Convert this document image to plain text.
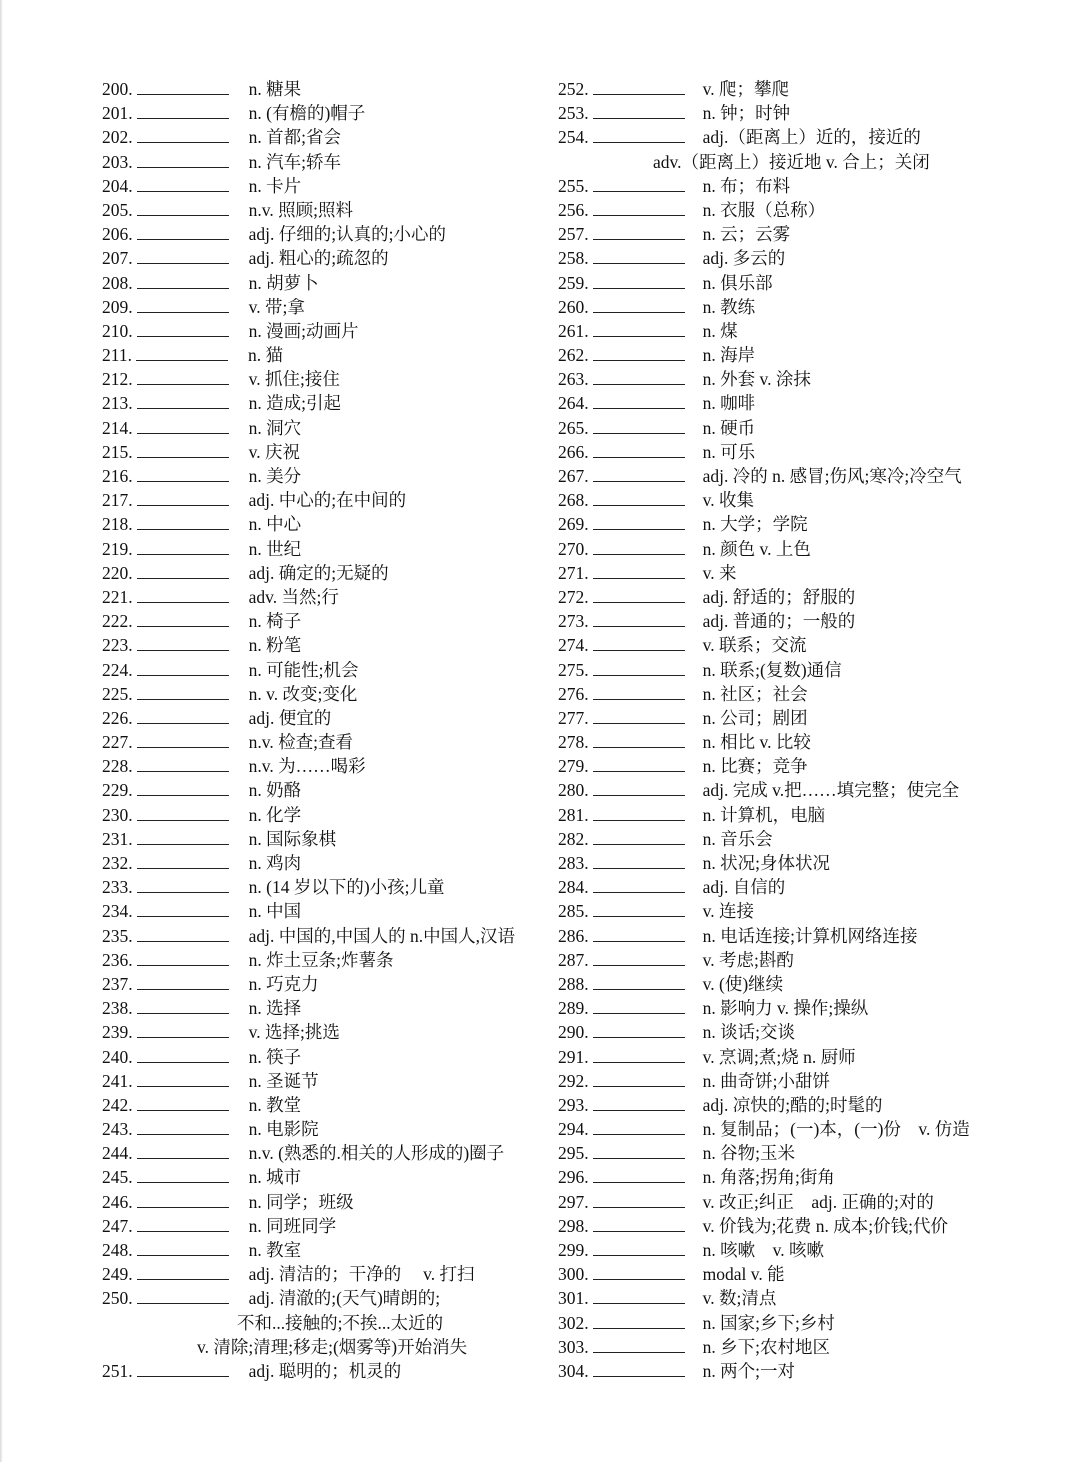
200.	n. 糖果
201.	n. (有檐的)帽子
202.	n. 首都;省会
203.	n. 汽车;轿车
204.	n. 卡片
205.	n.v. 照顾;照料
206.	adj. 仔细的;认真的;小心的
207.	adj. 粗心的;疏忽的
208.	n. 胡萝卜
209.	v. 带;拿
210.	n. 漫画;动画片
211.	n. 猫
212.	v. 抓住;接住
213.	n. 造成;引起
214.	n. 洞穴
215.	v. 庆祝
216.	n. 美分
217.	adj. 中心的;在中间的
218.	n. 中心
219.	n. 世纪
220.	adj. 确定的;无疑的
221.	adv. 当然;行
222.	n. 椅子
223.	n. 粉笔
224.	n. 可能性;机会
225.	n. v. 改变;变化
226.	adj. 便宜的
227.	n.v. 检查;查看
228.	n.v. 为……喝彩
229.	n. 奶酪
230.	n. 化学
231.	n. 国际象棋
232.	n. 鸡肉
233.	n. (14 岁以下的)小孩;儿童
234.	n. 中国
235.	adj. 中国的,中国人的 n.中国人,汉语
236.	n. 炸土豆条;炸薯条
237.	n. 巧克力
238.	n. 选择
239.	v. 选择;挑选
240.	n. 筷子
241.	n. 圣诞节
242.	n. 教堂
243.	n. 电影院
244.	n.v. (熟悉的.相关的人形成的)圈子
245.	n. 城市
246.	n. 同学；班级
247.	n. 同班同学
248.	n. 教室
249.	adj. 清洁的；干净的　 v. 打扫
250.	adj. 清澈的;(天气)晴朗的;
不和...接触的;不挨...太近的
v. 清除;清理;移走;(烟雾等)开始消失
251.	adj. 聪明的；机灵的
252.	v. 爬；攀爬
253.	n. 钟；时钟
254.	adj.（距离上）近的，接近的
adv.（距离上）接近地 v. 合上；关闭
255.	n. 布；布料
256.	n. 衣服（总称）
257.	n. 云；云雾
258.	adj. 多云的
259.	n. 俱乐部
260.	n. 教练
261.	n. 煤
262.	n. 海岸
263.	n. 外套 v. 涂抹
264.	n. 咖啡
265.	n. 硬币
266.	n. 可乐
267.	adj. 冷的 n. 感冒;伤风;寒冷;冷空气
268.	v. 收集
269.	n. 大学；学院
270.	n. 颜色 v. 上色
271.	v. 来
272.	adj. 舒适的；舒服的
273.	adj. 普通的；一般的
274.	v. 联系；交流
275.	n. 联系;(复数)通信
276.	n. 社区；社会
277.	n. 公司；剧团
278.	n. 相比 v. 比较
279.	n. 比赛；竞争
280.	adj. 完成 v.把……填完整；使完全
281.	n. 计算机，电脑
282.	n. 音乐会
283.	n. 状况;身体状况
284.	adj. 自信的
285.	v. 连接
286.	n. 电话连接;计算机网络连接
287.	v. 考虑;斟酌
288.	v. (使)继续
289.	n. 影响力 v. 操作;操纵
290.	n. 谈话;交谈
291.	v. 烹调;煮;烧 n. 厨师
292.	n. 曲奇饼;小甜饼
293.	adj. 凉快的;酷的;时髦的
294.	n. 复制品；(一)本，(一)份　v. 仿造
295.	n. 谷物;玉米
296.	n. 角落;拐角;街角
297.	v. 改正;纠正　adj. 正确的;对的
298.	v. 价钱为;花费 n. 成本;价钱;代价
299.	n. 咳嗽　v. 咳嗽
300.	modal v. 能
301.	v. 数;清点
302.	n. 国家;乡下;乡村
303.	n. 乡下;农村地区
304.	n. 两个;一对
